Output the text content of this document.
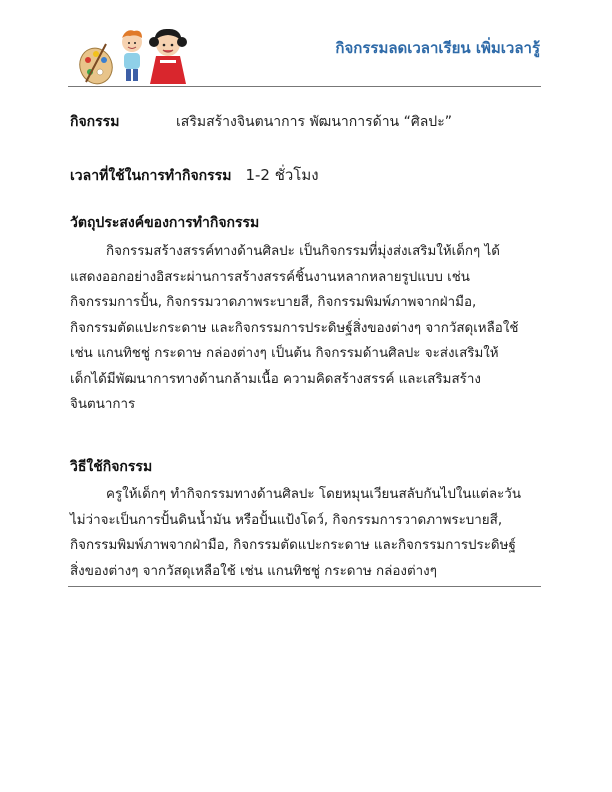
กิจกรรมลดเวลาเรียน เพิ่มเวลารู้
กิจกรรม	เสริมสร้างจินตนาการ พัฒนาการด้าน “ศิลปะ”
เวลาที่ใช้ในการทำกิจกรรม 1-2 ชั่วโมง
วัตถุประสงค์ของการทำกิจกรรม
กิจกรรมสร้างสรรค์ทางด้านศิลปะ เป็นกิจกรรมที่มุ่งส่งเสริมให้เด็กๆ ได้
แสดงออกอย่างอิสระผ่านการสร้างสรรค์ชิ้นงานหลากหลายรูปแบบ เช่น
กิจกรรมการปั้น, กิจกรรมวาดภาพระบายสี, กิจกรรมพิมพ์ภาพจากฝ่ามือ,
กิจกรรมตัดแปะกระดาษ และกิจกรรมการประดิษฐ์สิ่งของต่างๆ จากวัสดุเหลือใช้
เช่น แกนทิชชู่ กระดาษ กล่องต่างๆ เป็นต้น กิจกรรมด้านศิลปะ จะส่งเสริมให้
เด็กได้มีพัฒนาการทางด้านกล้ามเนื้อ ความคิดสร้างสรรค์ และเสริมสร้าง
จินตนาการ
วิธีใช้กิจกรรม
ครูให้เด็กๆ ทำกิจกรรมทางด้านศิลปะ โดยหมุนเวียนสลับกันไปในแต่ละวัน
ไม่ว่าจะเป็นการปั้นดินน้ำมัน หรือปั้นแป้งโดว์, กิจกรรมการวาดภาพระบายสี,
กิจกรรมพิมพ์ภาพจากฝ่ามือ, กิจกรรมตัดแปะกระดาษ และกิจกรรมการประดิษฐ์
สิ่งของต่างๆ จากวัสดุเหลือใช้ เช่น แกนทิชชู่ กระดาษ กล่องต่างๆ
